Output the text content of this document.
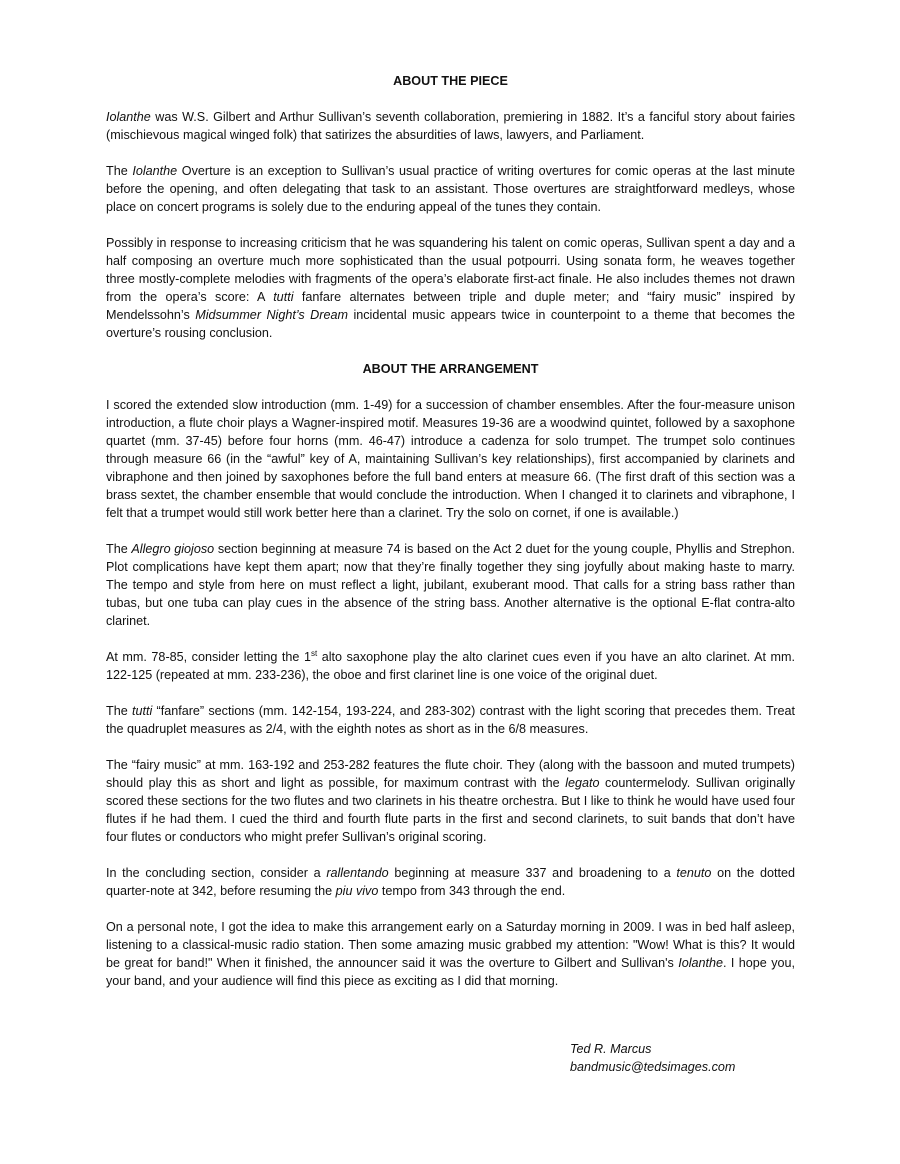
ABOUT THE PIECE

Iolanthe was W.S. Gilbert and Arthur Sullivan’s seventh collaboration, premiering in 1882. It’s a fanciful story about fairies (mischievous magical winged folk) that satirizes the absurdities of laws, lawyers, and Parliament.

The Iolanthe Overture is an exception to Sullivan’s usual practice of writing overtures for comic operas at the last minute before the opening, and often delegating that task to an assistant. Those overtures are straightforward medleys, whose place on concert programs is solely due to the enduring appeal of the tunes they contain.

Possibly in response to increasing criticism that he was squandering his talent on comic operas, Sullivan spent a day and a half composing an overture much more sophisticated than the usual potpourri. Using sonata form, he weaves together three mostly-complete melodies with fragments of the opera’s elaborate first-act finale. He also includes themes not drawn from the opera’s score: A tutti fanfare alternates between triple and duple meter; and “fairy music” inspired by Mendelssohn’s Midsummer Night’s Dream incidental music appears twice in counterpoint to a theme that becomes the overture’s rousing conclusion.

ABOUT THE ARRANGEMENT

I scored the extended slow introduction (mm. 1-49) for a succession of chamber ensembles. After the four-measure unison introduction, a flute choir plays a Wagner-inspired motif. Measures 19-36 are a woodwind quintet, followed by a saxophone quartet (mm. 37-45) before four horns (mm. 46-47) introduce a cadenza for solo trumpet. The trumpet solo continues through measure 66 (in the “awful” key of A, maintaining Sullivan’s key relationships), first accompanied by clarinets and vibraphone and then joined by saxophones before the full band enters at measure 66. (The first draft of this section was a brass sextet, the chamber ensemble that would conclude the introduction. When I changed it to clarinets and vibraphone, I felt that a trumpet would still work better here than a clarinet. Try the solo on cornet, if one is available.)

The Allegro giojoso section beginning at measure 74 is based on the Act 2 duet for the young couple, Phyllis and Strephon. Plot complications have kept them apart; now that they’re finally together they sing joyfully about making haste to marry. The tempo and style from here on must reflect a light, jubilant, exuberant mood. That calls for a string bass rather than tubas, but one tuba can play cues in the absence of the string bass. Another alternative is the optional E-flat contra-alto clarinet.

At mm. 78-85, consider letting the 1st alto saxophone play the alto clarinet cues even if you have an alto clarinet. At mm. 122-125 (repeated at mm. 233-236), the oboe and first clarinet line is one voice of the original duet.

The tutti “fanfare” sections (mm. 142-154, 193-224, and 283-302) contrast with the light scoring that precedes them. Treat the quadruplet measures as 2/4, with the eighth notes as short as in the 6/8 measures.

The “fairy music” at mm. 163-192 and 253-282 features the flute choir. They (along with the bassoon and muted trumpets) should play this as short and light as possible, for maximum contrast with the legato countermelody. Sullivan originally scored these sections for the two flutes and two clarinets in his theatre orchestra. But I like to think he would have used four flutes if he had them. I cued the third and fourth flute parts in the first and second clarinets, to suit bands that don’t have four flutes or conductors who might prefer Sullivan’s original scoring.

In the concluding section, consider a rallentando beginning at measure 337 and broadening to a tenuto on the dotted quarter-note at 342, before resuming the piu vivo tempo from 343 through the end.

On a personal note, I got the idea to make this arrangement early on a Saturday morning in 2009. I was in bed half asleep, listening to a classical-music radio station. Then some amazing music grabbed my attention: "Wow! What is this? It would be great for band!" When it finished, the announcer said it was the overture to Gilbert and Sullivan's Iolanthe. I hope you, your band, and your audience will find this piece as exciting as I did that morning.

Ted R. Marcus
bandmusic@tedsimages.com
